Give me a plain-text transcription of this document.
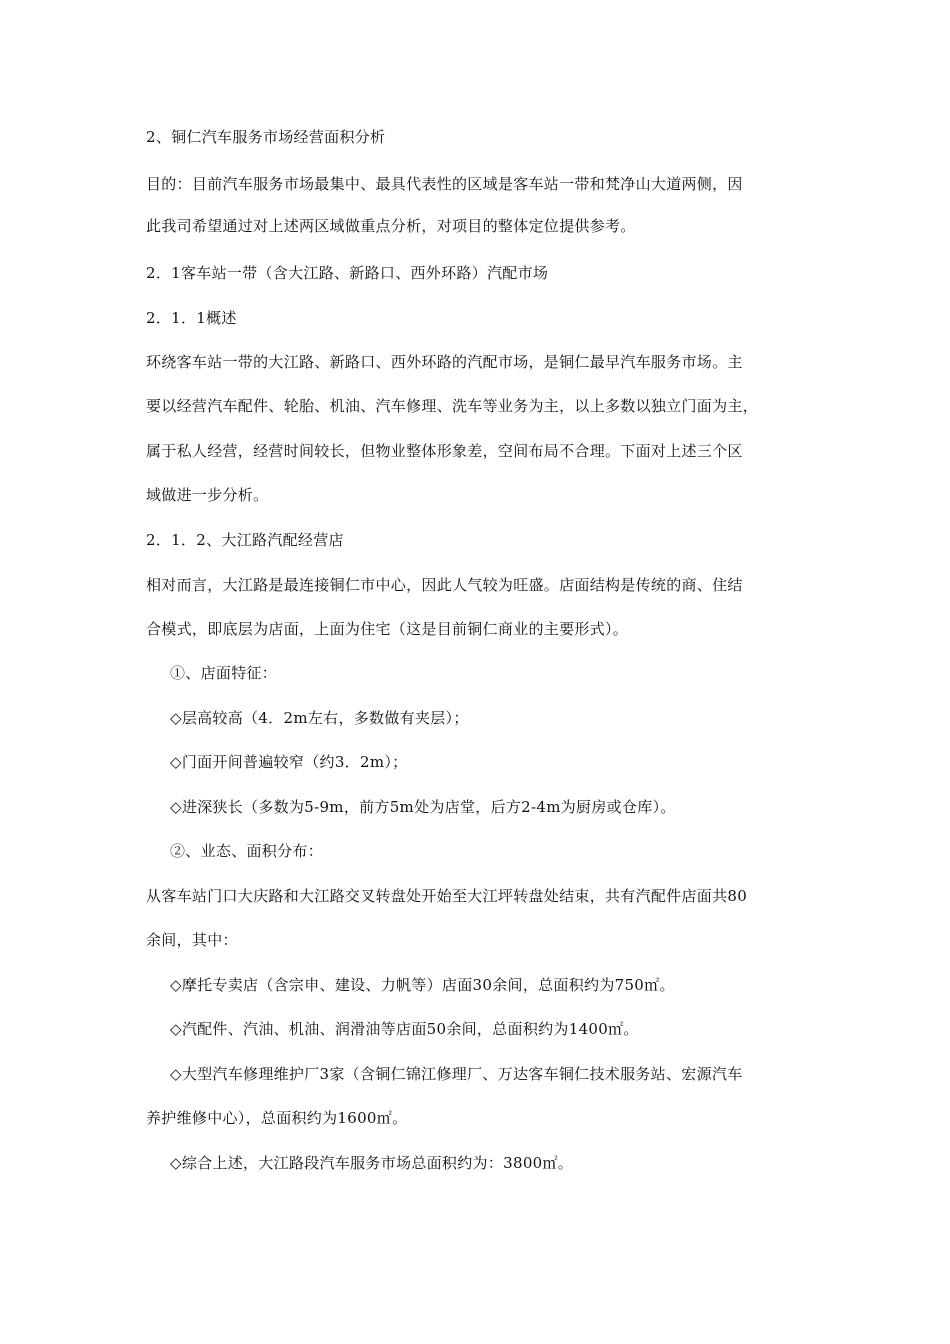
2、铜仁汽车服务市场经营面积分析
目的：目前汽车服务市场最集中、最具代表性的区域是客车站一带和梵净山大道两侧，因
此我司希望通过对上述两区域做重点分析，对项目的整体定位提供参考。
2．1客车站一带（含大江路、新路口、西外环路）汽配市场
2．1．1概述
环绕客车站一带的大江路、新路口、西外环路的汽配市场，是铜仁最早汽车服务市场。主
要以经营汽车配件、轮胎、机油、汽车修理、洗车等业务为主，以上多数以独立门面为主，
属于私人经营，经营时间较长，但物业整体形象差，空间布局不合理。下面对上述三个区
域做进一步分析。
2．1．2、大江路汽配经营店
相对而言，大江路是最连接铜仁市中心，因此人气较为旺盛。店面结构是传统的商、住结
合模式，即底层为店面，上面为住宅（这是目前铜仁商业的主要形式）。
①、店面特征：
◇层高较高（4．2m左右，多数做有夹层）；
◇门面开间普遍较窄（约3．2m）；
◇进深狭长（多数为5-9m，前方5m处为店堂，后方2-4m为厨房或仓库）。
②、业态、面积分布：
从客车站门口大庆路和大江路交叉转盘处开始至大江坪转盘处结束，共有汽配件店面共80
余间，其中：
◇摩托专卖店（含宗申、建设、力帆等）店面30余间，总面积约为750㎡。
◇汽配件、汽油、机油、润滑油等店面50余间，总面积约为1400㎡。
◇大型汽车修理维护厂3家（含铜仁锦江修理厂、万达客车铜仁技术服务站、宏源汽车
养护维修中心），总面积约为1600㎡。
◇综合上述，大江路段汽车服务市场总面积约为：3800㎡。
